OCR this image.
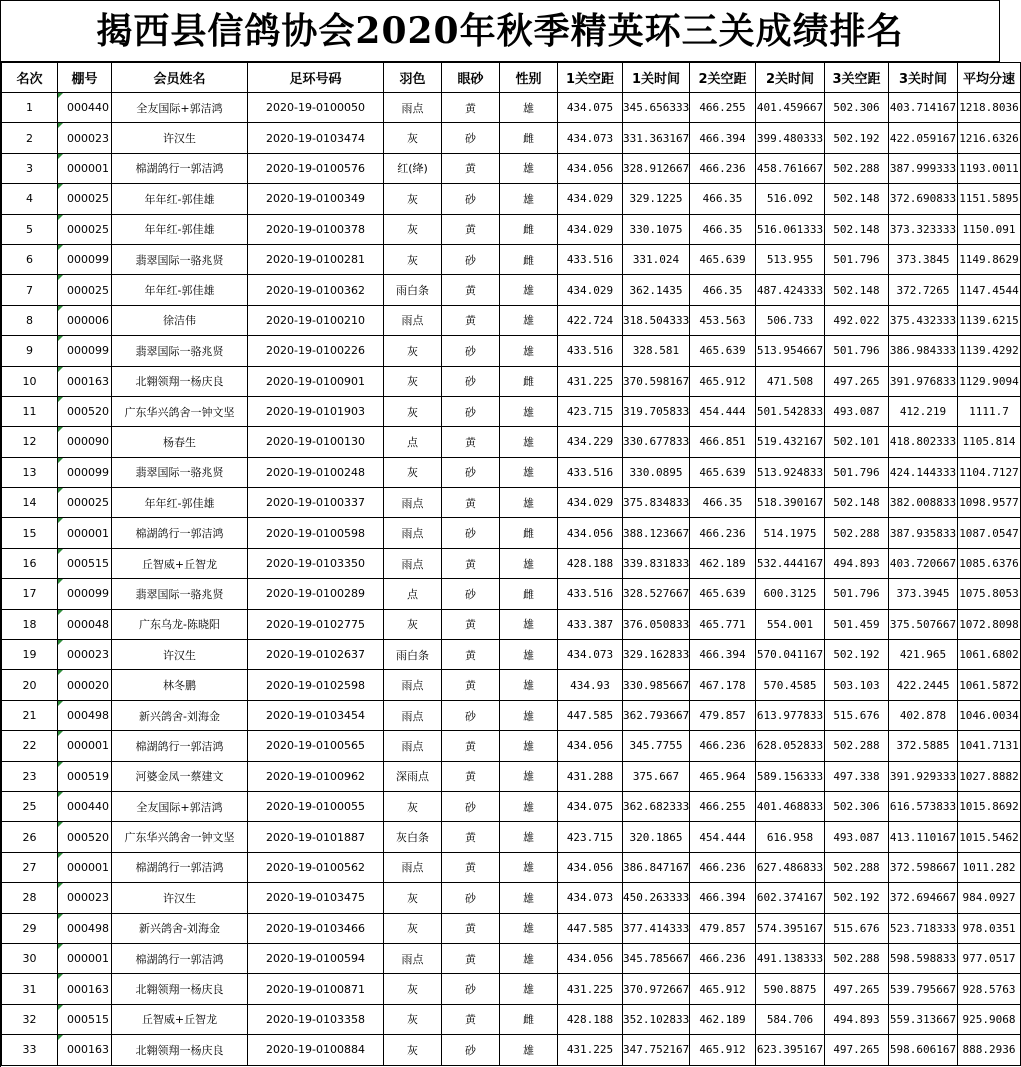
揭西县信鸽协会2020年秋季精英环三关成绩排名
名次	棚号	会员姓名	足环号码	羽色	眼砂	性别	1关空距	1关时间	2关空距	2关时间	3关空距	3关时间	平均分速
1	000440	全友国际+郭洁鸿	2020-19-0100050	雨点	黄	雄	434.075	345.656333	466.255	401.459667	502.306	403.714167	1218.8036
2	000023	许汉生	2020-19-0103474	灰	砂	雌	434.073	331.363167	466.394	399.480333	502.192	422.059167	1216.6326
3	000001	棉湖鸽行一郭洁鸿	2020-19-0100576	红(绛)	黄	雄	434.056	328.912667	466.236	458.761667	502.288	387.999333	1193.0011
4	000025	年年红-郭佳雄	2020-19-0100349	灰	砂	雄	434.029	329.1225	466.35	516.092	502.148	372.690833	1151.5895
5	000025	年年红-郭佳雄	2020-19-0100378	灰	黄	雌	434.029	330.1075	466.35	516.061333	502.148	373.323333	1150.091
6	000099	翡翠国际一骆兆贤	2020-19-0100281	灰	砂	雌	433.516	331.024	465.639	513.955	501.796	373.3845	1149.8629
7	000025	年年红-郭佳雄	2020-19-0100362	雨白条	黄	雄	434.029	362.1435	466.35	487.424333	502.148	372.7265	1147.4544
8	000006	徐洁伟	2020-19-0100210	雨点	黄	雄	422.724	318.504333	453.563	506.733	492.022	375.432333	1139.6215
9	000099	翡翠国际一骆兆贤	2020-19-0100226	灰	砂	雄	433.516	328.581	465.639	513.954667	501.796	386.984333	1139.4292
10	000163	北翱领翔一杨庆良	2020-19-0100901	灰	砂	雌	431.225	370.598167	465.912	471.508	497.265	391.976833	1129.9094
11	000520	广东华兴鸽舍一钟文坚	2020-19-0101903	灰	砂	雄	423.715	319.705833	454.444	501.542833	493.087	412.219	1111.7
12	000090	杨春生	2020-19-0100130	点	黄	雄	434.229	330.677833	466.851	519.432167	502.101	418.802333	1105.814
13	000099	翡翠国际一骆兆贤	2020-19-0100248	灰	砂	雄	433.516	330.0895	465.639	513.924833	501.796	424.144333	1104.7127
14	000025	年年红-郭佳雄	2020-19-0100337	雨点	黄	雄	434.029	375.834833	466.35	518.390167	502.148	382.008833	1098.9577
15	000001	棉湖鸽行一郭洁鸿	2020-19-0100598	雨点	砂	雌	434.056	388.123667	466.236	514.1975	502.288	387.935833	1087.0547
16	000515	丘智威+丘智龙	2020-19-0103350	雨点	黄	雄	428.188	339.831833	462.189	532.444167	494.893	403.720667	1085.6376
17	000099	翡翠国际一骆兆贤	2020-19-0100289	点	砂	雌	433.516	328.527667	465.639	600.3125	501.796	373.3945	1075.8053
18	000048	广东乌龙-陈晓阳	2020-19-0102775	灰	黄	雄	433.387	376.050833	465.771	554.001	501.459	375.507667	1072.8098
19	000023	许汉生	2020-19-0102637	雨白条	黄	雄	434.073	329.162833	466.394	570.041167	502.192	421.965	1061.6802
20	000020	林冬鹏	2020-19-0102598	雨点	黄	雄	434.93	330.985667	467.178	570.4585	503.103	422.2445	1061.5872
21	000498	新兴鸽舍-刘海金	2020-19-0103454	雨点	砂	雄	447.585	362.793667	479.857	613.977833	515.676	402.878	1046.0034
22	000001	棉湖鸽行一郭洁鸿	2020-19-0100565	雨点	黄	雄	434.056	345.7755	466.236	628.052833	502.288	372.5885	1041.7131
23	000519	河婆金凤一蔡建文	2020-19-0100962	深雨点	黄	雄	431.288	375.667	465.964	589.156333	497.338	391.929333	1027.8882
25	000440	全友国际+郭洁鸿	2020-19-0100055	灰	砂	雄	434.075	362.682333	466.255	401.468833	502.306	616.573833	1015.8692
26	000520	广东华兴鸽舍一钟文坚	2020-19-0101887	灰白条	黄	雄	423.715	320.1865	454.444	616.958	493.087	413.110167	1015.5462
27	000001	棉湖鸽行一郭洁鸿	2020-19-0100562	雨点	黄	雄	434.056	386.847167	466.236	627.486833	502.288	372.598667	1011.282
28	000023	许汉生	2020-19-0103475	灰	砂	雄	434.073	450.263333	466.394	602.374167	502.192	372.694667	984.0927
29	000498	新兴鸽舍-刘海金	2020-19-0103466	灰	黄	雄	447.585	377.414333	479.857	574.395167	515.676	523.718333	978.0351
30	000001	棉湖鸽行一郭洁鸿	2020-19-0100594	雨点	黄	雄	434.056	345.785667	466.236	491.138333	502.288	598.598833	977.0517
31	000163	北翱领翔一杨庆良	2020-19-0100871	灰	砂	雄	431.225	370.972667	465.912	590.8875	497.265	539.795667	928.5763
32	000515	丘智威+丘智龙	2020-19-0103358	灰	黄	雌	428.188	352.102833	462.189	584.706	494.893	559.313667	925.9068
33	000163	北翱领翔一杨庆良	2020-19-0100884	灰	砂	雄	431.225	347.752167	465.912	623.395167	497.265	598.606167	888.2936
